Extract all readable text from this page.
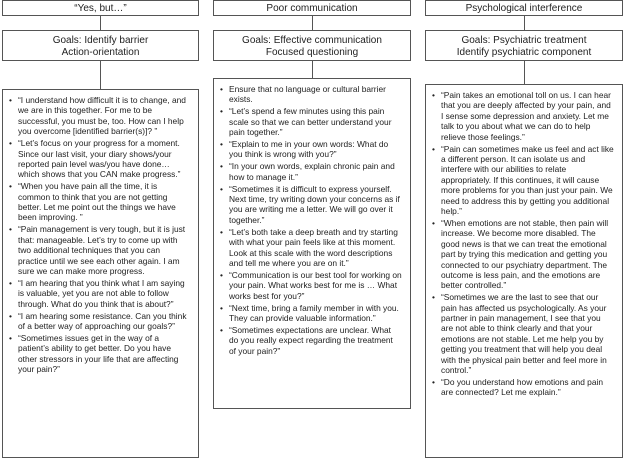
“Yes, but…”
Goals: Identify barrier
Action-orientation
• “I understand how difficult it is to change, and we are in this together. For me to be successful, you must be, too. How can I help you overcome [identified barrier(s)]? ”
• “Let’s focus on your progress for a moment. Since our last visit, your diary shows/your reported pain level was/you have done…which shows that you CAN make progress.”
• “When you have pain all the time, it is common to think that you are not getting better. Let me point out the things we have been improving. ”
• “Pain management is very tough, but it is just that: manageable. Let’s try to come up with two additional techniques that you can practice until we see each other again. I am sure we can make more progress.
• “I am hearing that you think what I am saying is valuable, yet you are not able to follow through. What do you think that is about?”
• “I am hearing some resistance. Can you think of a better way of approaching our goals?”
• “Sometimes issues get in the way of a patient’s ability to get better. Do you have other stressors in your life that are affecting your pain?”
Poor communication
Goals: Effective communication
Focused questioning
• Ensure that no language or cultural barrier exists.
• “Let’s spend a few minutes using this pain scale so that we can better understand your pain together.”
• “Explain to me in your own words: What do you think is wrong with you?”
• “In your own words, explain chronic pain and how to manage it.”
• “Sometimes it is difficult to express yourself. Next time, try writing down your concerns as if you are writing me a letter. We will go over it together.”
• “Let’s both take a deep breath and try starting with what your pain feels like at this moment. Look at this scale with the word descriptions and tell me where you are on it.”
• “Communication is our best tool for working on your pain. What works best for me is … What works best for you?”
• “Next time, bring a family member in with you. They can provide valuable information.”
• “Sometimes expectations are unclear. What do you really expect regarding the treatment of your pain?”
Psychological interference
Goals: Psychiatric treatment
Identify psychiatric component
• “Pain takes an emotional toll on us. I can hear that you are deeply affected by your pain, and I sense some depression and anxiety. Let me talk to you about what we can do to help relieve those feelings.”
• “Pain can sometimes make us feel and act like a different person. It can isolate us and interfere with our abilities to relate appropriately. If this continues, it will cause more problems for you than just your pain. We need to address this by getting you additional help.”
• “When emotions are not stable, then pain will increase. We become more disabled. The good news is that we can treat the emotional part by trying this medication and getting you connected to our psychiatry department. The outcome is less pain, and the emotions are better controlled.”
• “Sometimes we are the last to see that our pain has affected us psychologically. As your partner in pain management, I see that you are not able to think clearly and that your emotions are not stable. Let me help you by getting you treatment that will help you deal with the physical pain better and feel more in control.”
• “Do you understand how emotions and pain are connected? Let me explain.”
